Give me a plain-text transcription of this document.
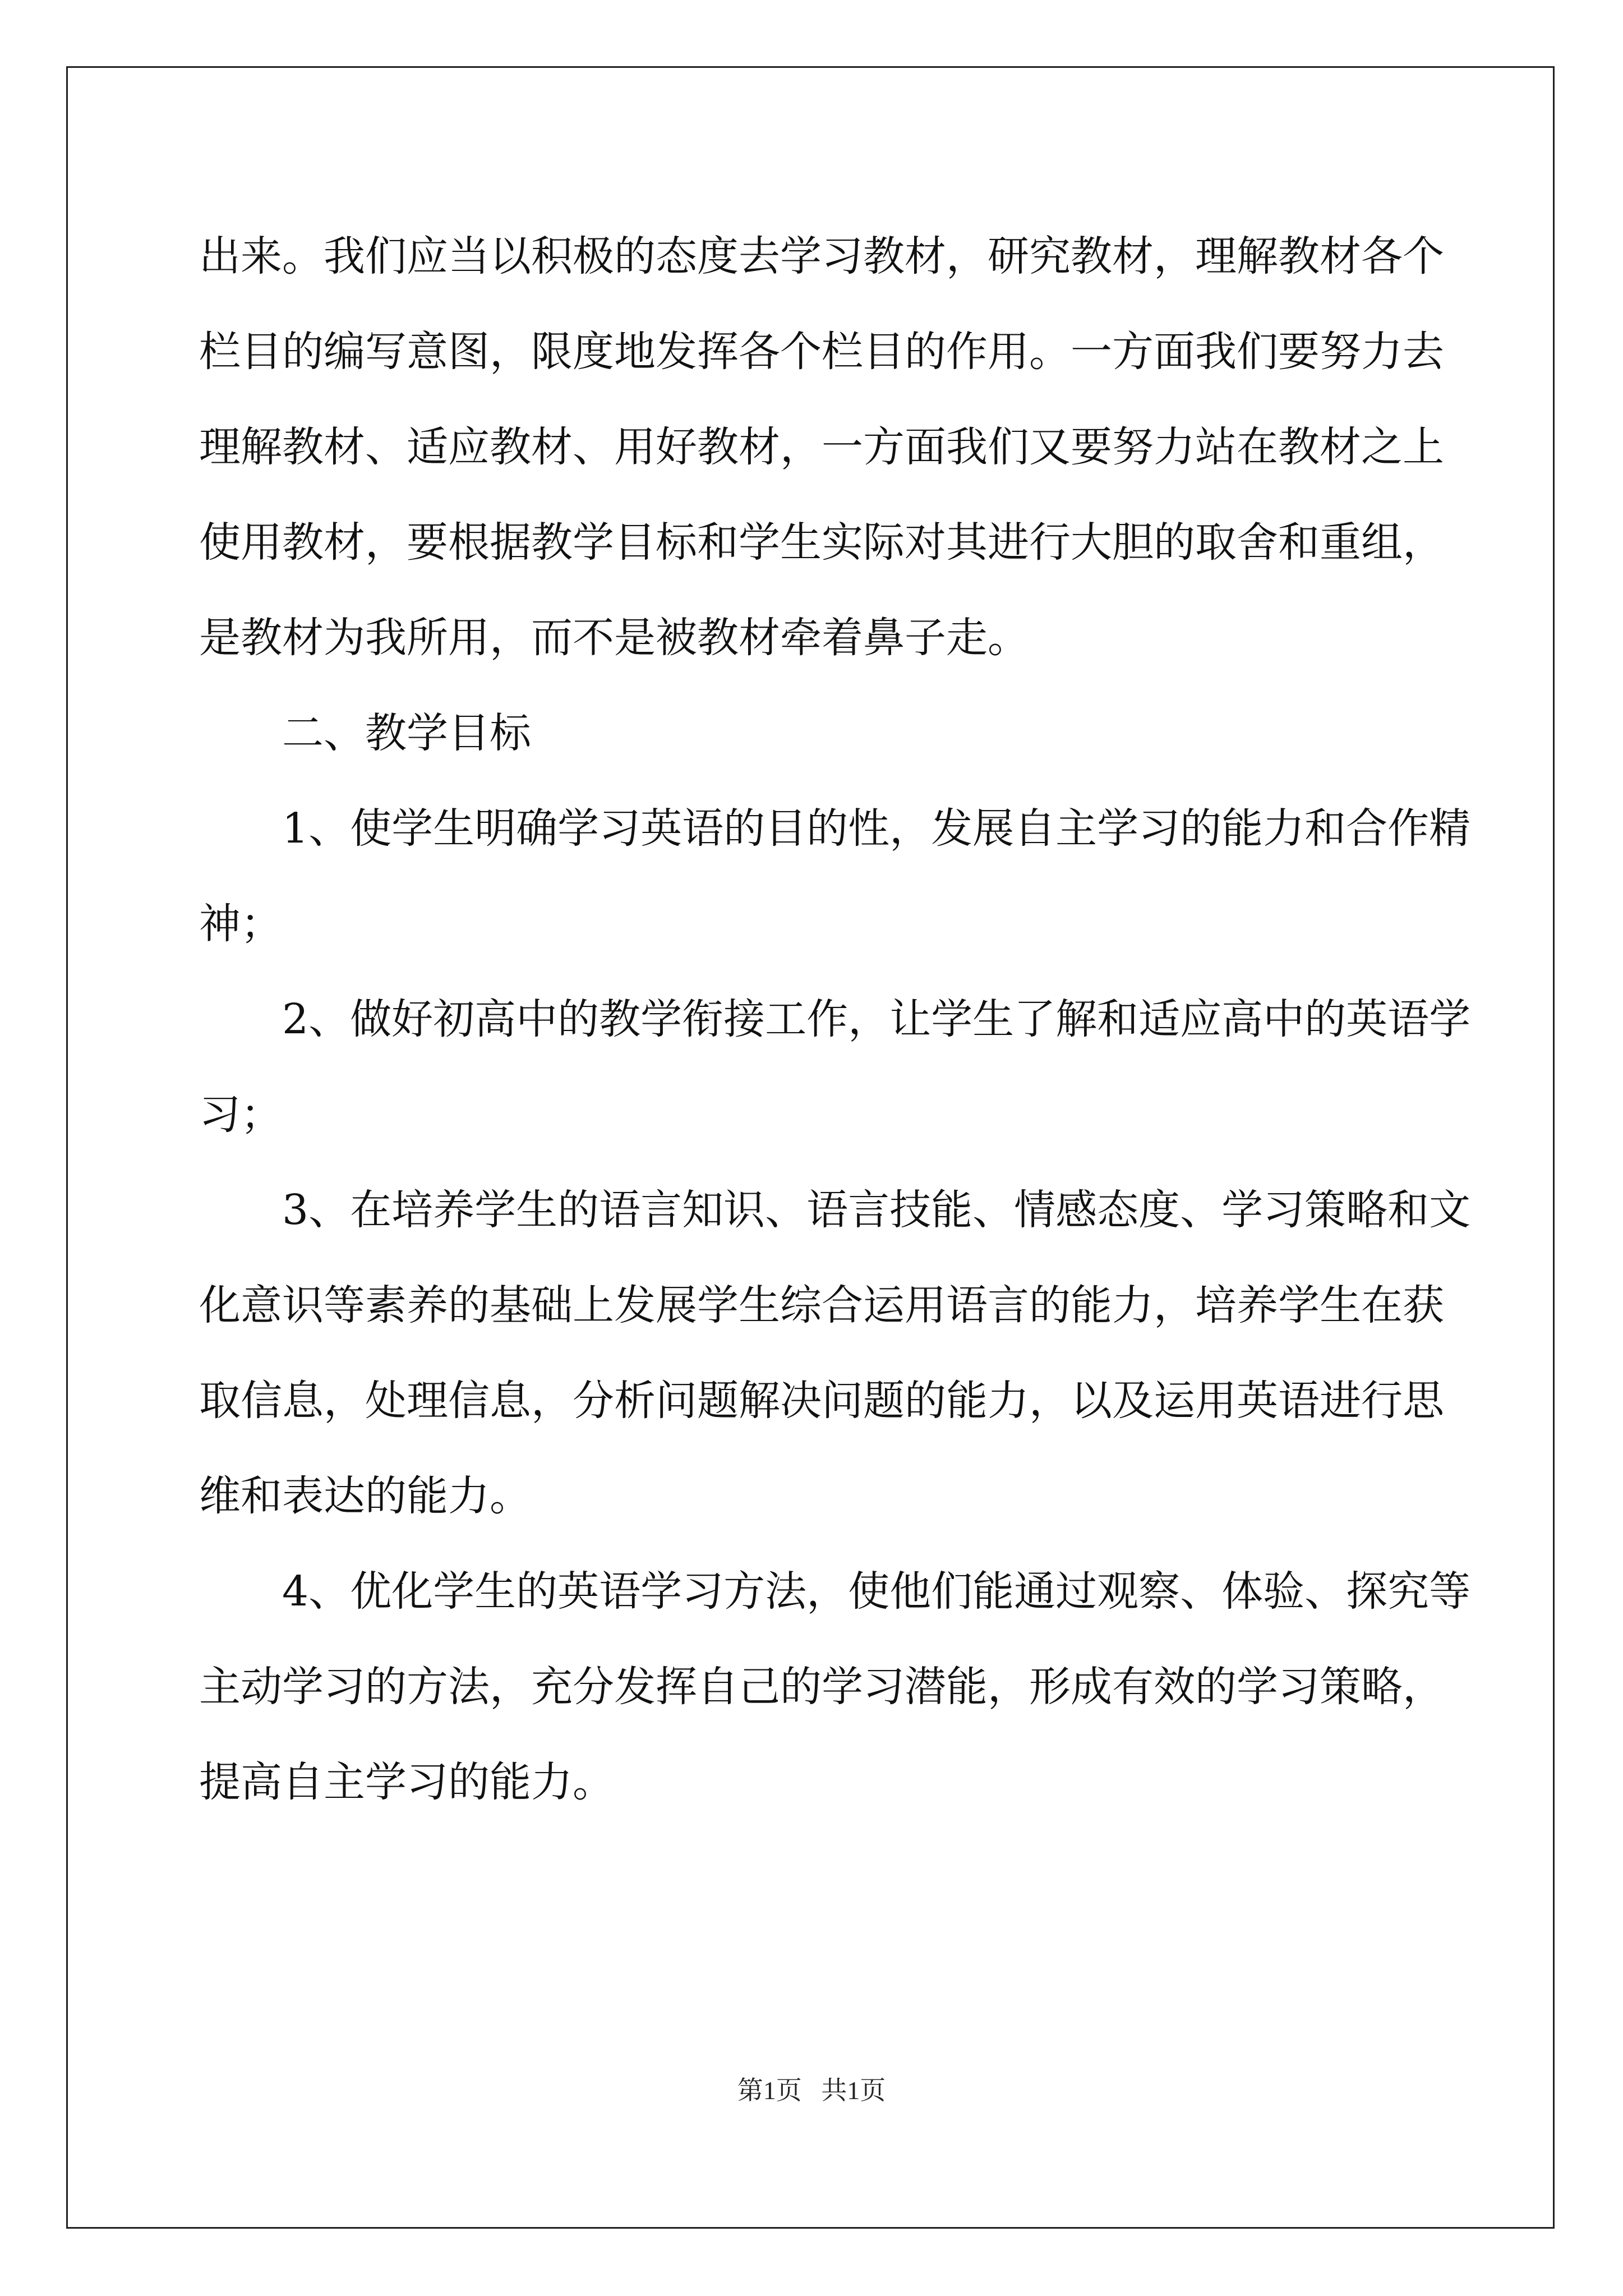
出来。我们应当以积极的态度去学习教材，研究教材，理解教材各个
栏目的编写意图，限度地发挥各个栏目的作用。一方面我们要努力去
理解教材、适应教材、用好教材，一方面我们又要努力站在教材之上
使用教材，要根据教学目标和学生实际对其进行大胆的取舍和重组，
是教材为我所用，而不是被教材牵着鼻子走。
二、教学目标
1、使学生明确学习英语的目的性，发展自主学习的能力和合作精
神；
2、做好初高中的教学衔接工作，让学生了解和适应高中的英语学
习；
3、在培养学生的语言知识、语言技能、情感态度、学习策略和文
化意识等素养的基础上发展学生综合运用语言的能力，培养学生在获
取信息，处理信息，分析问题解决问题的能力，以及运用英语进行思
维和表达的能力。
4、优化学生的英语学习方法，使他们能通过观察、体验、探究等
主动学习的方法，充分发挥自己的学习潜能，形成有效的学习策略，
提高自主学习的能力。
第1页 共1页
